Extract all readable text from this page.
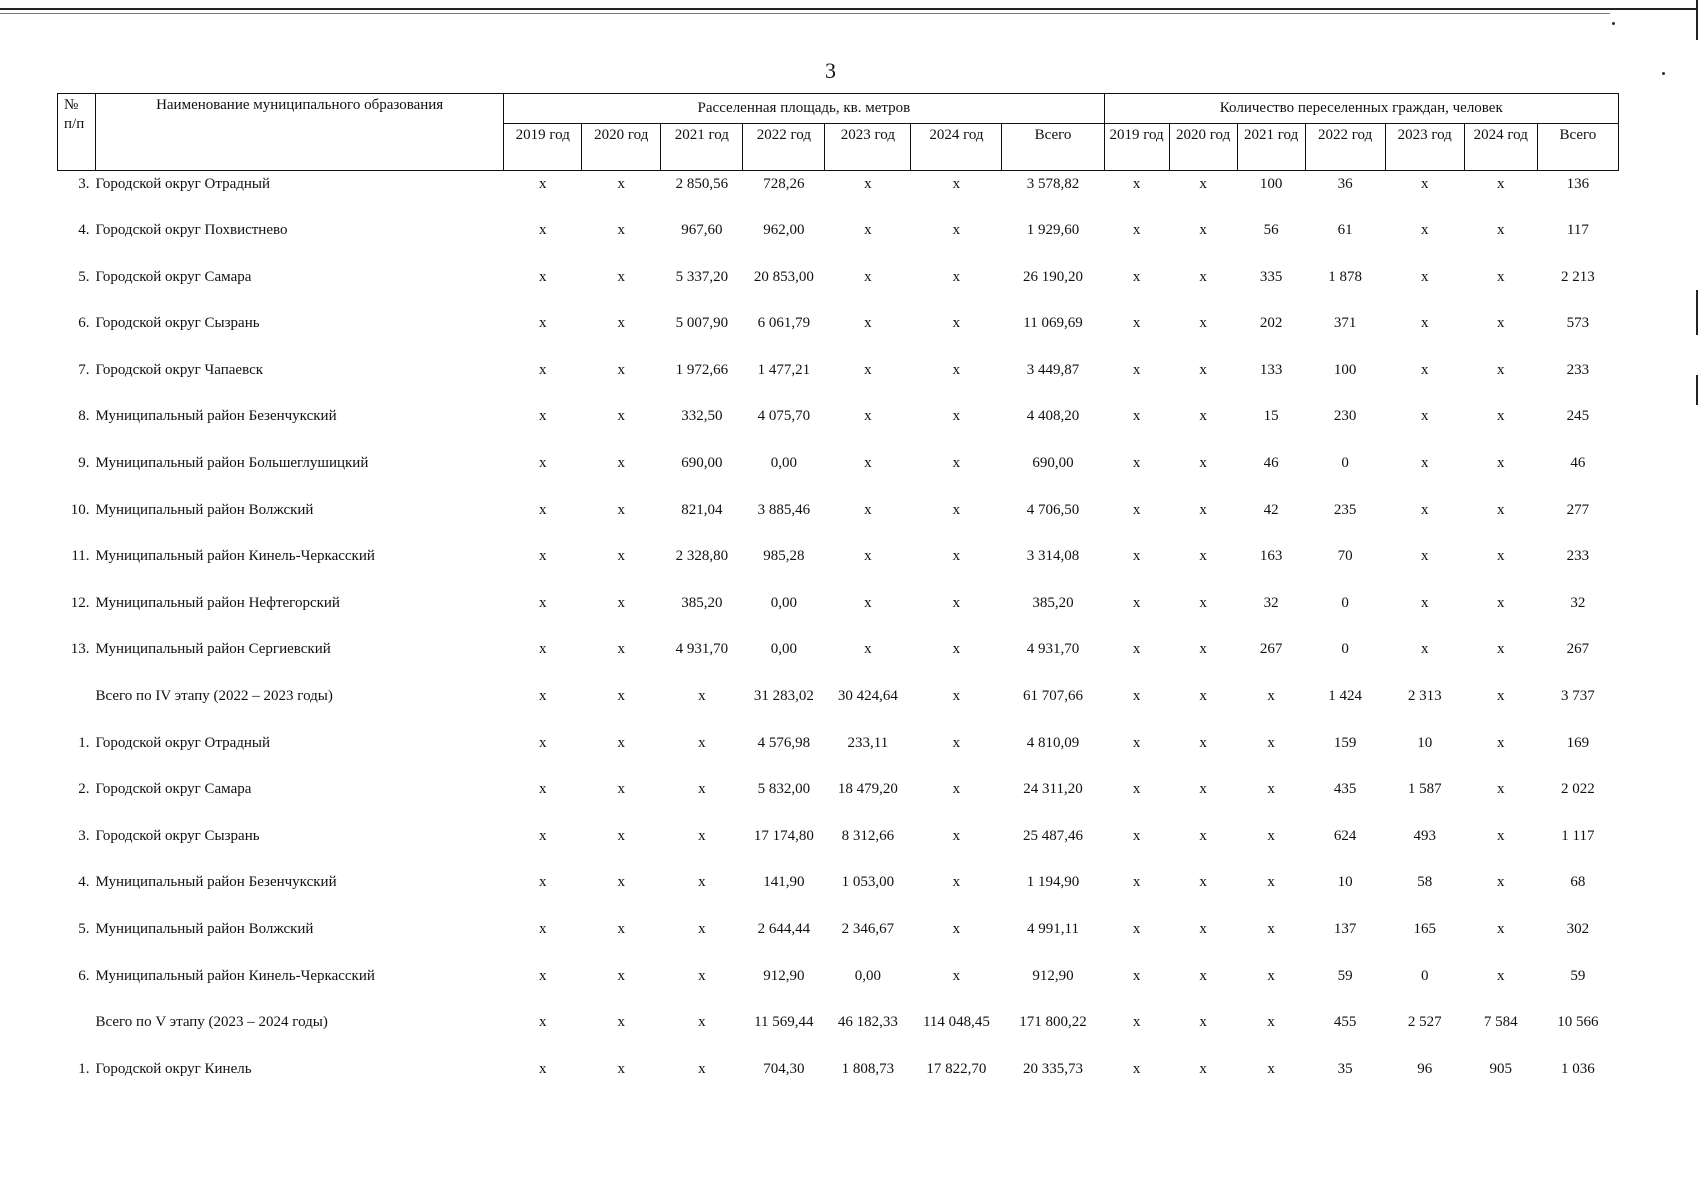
3
№ п/п	Наименование муниципального образования	Расселенная площадь, кв. метров							Количество переселенных граждан, человек						
		2019 год	2020 год	2021 год	2022 год	2023 год	2024 год	Всего	2019 год	2020 год	2021 год	2022 год	2023 год	2024 год	Всего
3.	Городской округ Отрадный	x	x	2 850,56	728,26	x	x	3 578,82	x	x	100	36	x	x	136
4.	Городской округ Похвистнево	x	x	967,60	962,00	x	x	1 929,60	x	x	56	61	x	x	117
5.	Городской округ Самара	x	x	5 337,20	20 853,00	x	x	26 190,20	x	x	335	1 878	x	x	2 213
6.	Городской округ Сызрань	x	x	5 007,90	6 061,79	x	x	11 069,69	x	x	202	371	x	x	573
7.	Городской округ Чапаевск	x	x	1 972,66	1 477,21	x	x	3 449,87	x	x	133	100	x	x	233
8.	Муниципальный район Безенчукский	x	x	332,50	4 075,70	x	x	4 408,20	x	x	15	230	x	x	245
9.	Муниципальный район Большеглушицкий	x	x	690,00	0,00	x	x	690,00	x	x	46	0	x	x	46
10.	Муниципальный район Волжский	x	x	821,04	3 885,46	x	x	4 706,50	x	x	42	235	x	x	277
11.	Муниципальный район Кинель-Черкасский	x	x	2 328,80	985,28	x	x	3 314,08	x	x	163	70	x	x	233
12.	Муниципальный район Нефтегорский	x	x	385,20	0,00	x	x	385,20	x	x	32	0	x	x	32
13.	Муниципальный район Сергиевский	x	x	4 931,70	0,00	x	x	4 931,70	x	x	267	0	x	x	267
	Всего по IV этапу (2022 – 2023 годы)	x	x	x	31 283,02	30 424,64	x	61 707,66	x	x	x	1 424	2 313	x	3 737
1.	Городской округ Отрадный	x	x	x	4 576,98	233,11	x	4 810,09	x	x	x	159	10	x	169
2.	Городской округ Самара	x	x	x	5 832,00	18 479,20	x	24 311,20	x	x	x	435	1 587	x	2 022
3.	Городской округ Сызрань	x	x	x	17 174,80	8 312,66	x	25 487,46	x	x	x	624	493	x	1 117
4.	Муниципальный район Безенчукский	x	x	x	141,90	1 053,00	x	1 194,90	x	x	x	10	58	x	68
5.	Муниципальный район Волжский	x	x	x	2 644,44	2 346,67	x	4 991,11	x	x	x	137	165	x	302
6.	Муниципальный район Кинель-Черкасский	x	x	x	912,90	0,00	x	912,90	x	x	x	59	0	x	59
	Всего по V этапу (2023 – 2024 годы)	x	x	x	11 569,44	46 182,33	114 048,45	171 800,22	x	x	x	455	2 527	7 584	10 566
1.	Городской округ Кинель	x	x	x	704,30	1 808,73	17 822,70	20 335,73	x	x	x	35	96	905	1 036
